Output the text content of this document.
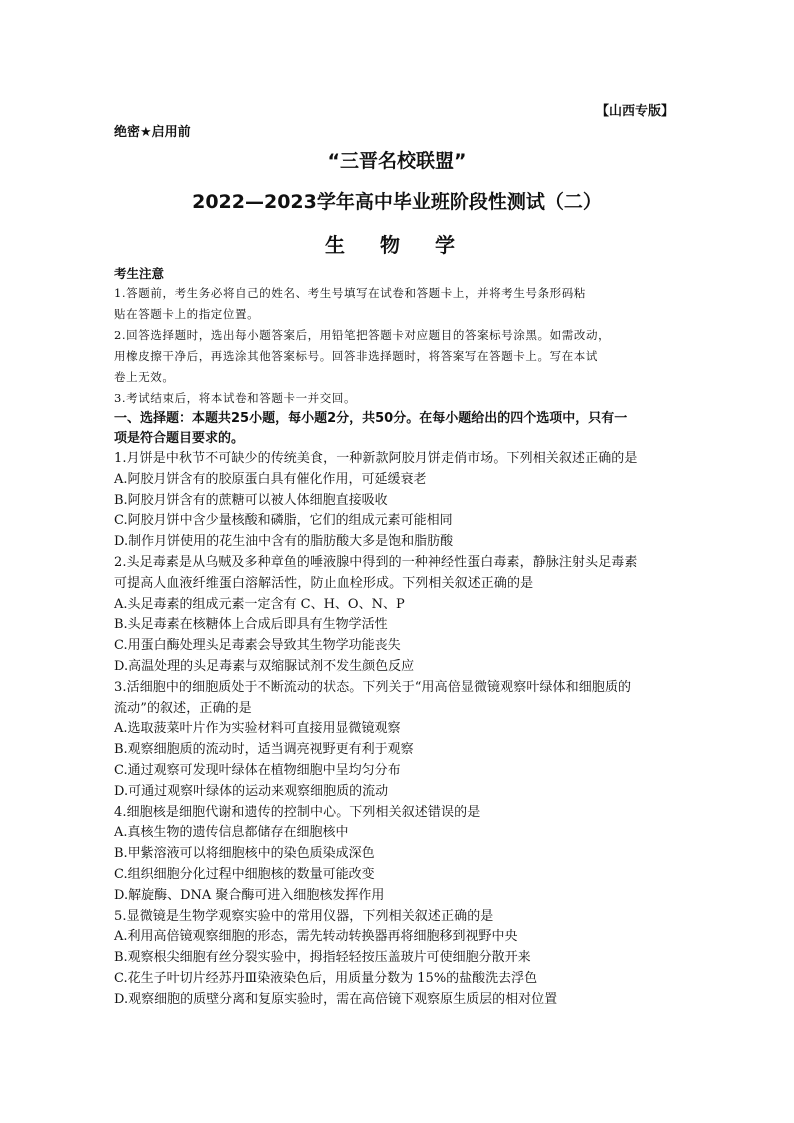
【山西专版】
绝密★启用前
“三晋名校联盟”
2022—2023学年高中毕业班阶段性测试（二）
生 物 学

考生注意

1.答题前，考生务必将自己的姓名、考生号填写在试卷和答题卡上，并将考生号条形码粘

贴在答题卡上的指定位置。

2.回答选择题时，选出每小题答案后，用铅笔把答题卡对应题目的答案标号涂黑。如需改动，

用橡皮擦干净后，再选涂其他答案标号。回答非选择题时，将答案写在答题卡上。写在本试

卷上无效。

3.考试结束后，将本试卷和答题卡一并交回。

一、选择题：本题共25小题，每小题2分，共50分。在每小题给出的四个选项中，只有一

项是符合题目要求的。

1.月饼是中秋节不可缺少的传统美食，一种新款阿胶月饼走俏市场。下列相关叙述正确的是

A.阿胶月饼含有的胶原蛋白具有催化作用，可延缓衰老

B.阿胶月饼含有的蔗糖可以被人体细胞直接吸收

C.阿胶月饼中含少量核酸和磷脂，它们的组成元素可能相同

D.制作月饼使用的花生油中含有的脂肪酸大多是饱和脂肪酸

2.头足毒素是从乌贼及多种章鱼的唾液腺中得到的一种神经性蛋白毒素，静脉注射头足毒素

可提高人血液纤维蛋白溶解活性，防止血栓形成。下列相关叙述正确的是

A.头足毒素的组成元素一定含有 C、H、O、N、P

B.头足毒素在核糖体上合成后即具有生物学活性

C.用蛋白酶处理头足毒素会导致其生物学功能丧失

D.高温处理的头足毒素与双缩脲试剂不发生颜色反应

3.活细胞中的细胞质处于不断流动的状态。下列关于“用高倍显微镜观察叶绿体和细胞质的

流动”的叙述，正确的是

A.选取菠菜叶片作为实验材料可直接用显微镜观察

B.观察细胞质的流动时，适当调亮视野更有利于观察

C.通过观察可发现叶绿体在植物细胞中呈均匀分布

D.可通过观察叶绿体的运动来观察细胞质的流动

4.细胞核是细胞代谢和遗传的控制中心。下列相关叙述错误的是

A.真核生物的遗传信息都储存在细胞核中

B.甲紫溶液可以将细胞核中的染色质染成深色

C.组织细胞分化过程中细胞核的数量可能改变

D.解旋酶、DNA 聚合酶可进入细胞核发挥作用

5.显微镜是生物学观察实验中的常用仪器，下列相关叙述正确的是

A.利用高倍镜观察细胞的形态，需先转动转换器再将细胞移到视野中央

B.观察根尖细胞有丝分裂实验中，拇指轻轻按压盖玻片可使细胞分散开来

C.花生子叶切片经苏丹Ⅲ染液染色后，用质量分数为 15%的盐酸洗去浮色

D.观察细胞的质壁分离和复原实验时，需在高倍镜下观察原生质层的相对位置
